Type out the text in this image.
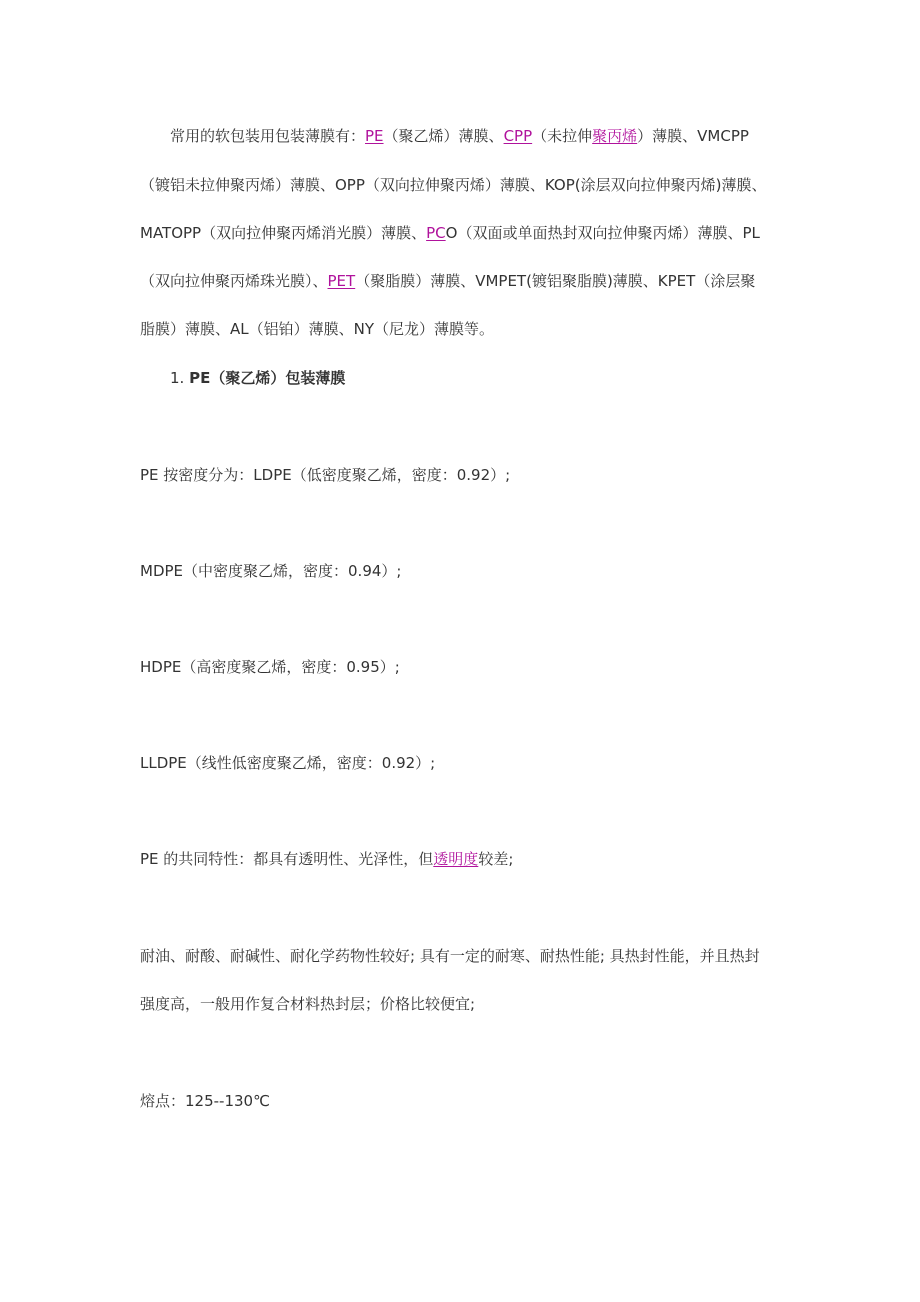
常用的软包装用包装薄膜有：PE（聚乙烯）薄膜、CPP（未拉伸聚丙烯）薄膜、VMCPP
（镀铝未拉伸聚丙烯）薄膜、OPP（双向拉伸聚丙烯）薄膜、KOP(涂层双向拉伸聚丙烯)薄膜、
MATOPP（双向拉伸聚丙烯消光膜）薄膜、PCO（双面或单面热封双向拉伸聚丙烯）薄膜、PL
（双向拉伸聚丙烯珠光膜）、PET（聚脂膜）薄膜、VMPET(镀铝聚脂膜)薄膜、KPET（涂层聚
脂膜）薄膜、AL（铝铂）薄膜、NY（尼龙）薄膜等。
1. PE（聚乙烯）包装薄膜
PE 按密度分为：LDPE（低密度聚乙烯，密度：0.92）;
MDPE（中密度聚乙烯，密度：0.94）;
HDPE（高密度聚乙烯，密度：0.95）;
LLDPE（线性低密度聚乙烯，密度：0.92）;
PE 的共同特性：都具有透明性、光泽性，但透明度较差;
耐油、耐酸、耐碱性、耐化学药物性较好; 具有一定的耐寒、耐热性能; 具热封性能，并且热封
强度高，一般用作复合材料热封层；价格比较便宜;
熔点：125--130℃
